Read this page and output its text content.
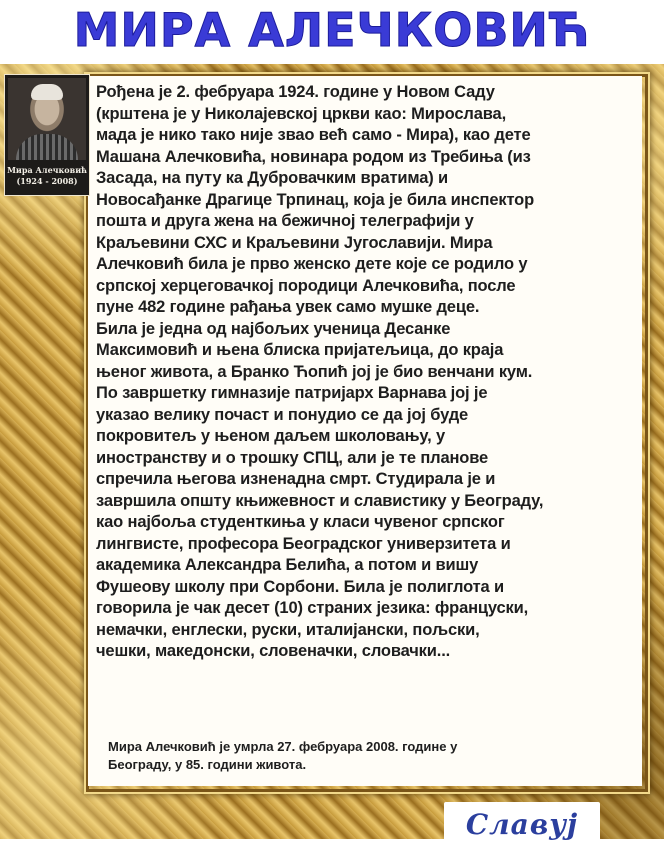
МИРА АЛЕЧКОВИЋ
Рођена је 2. фебруара 1924. године у Новом Саду
(крштена је у Николајевској цркви као: Мирослава,
мада је нико тако није звао већ само - Мира), као дете
Машана Алечковића, новинара родом из Требиња (из
Засада, на путу ка Дубровачким вратима) и
Новосађанке Драгице Трпинац, која је била инспектор
пошта и друга жена на бежичној телеграфији у
Краљевини СХС и Краљевини Југославији. Мира
Алечковић била је прво женско дете које се родило у
српској херцеговачкој породици Алечковића, после
пуне 482 године рађања увек само мушке деце.
Била је једна од најбољих ученица Десанке
Максимовић и њена блиска пријатељица, до краја
њеног живота, а Бранко Ћопић јој је био венчани кум.
По завршетку гимназије патријарх Варнава јој је
указао велику почаст и понудио се да јој буде
покровитељ у њеном даљем школовању, у
иностранству и о трошку СПЦ, али је те планове
спречила његова изненадна смрт. Студирала је и
завршила општу књижевност и славистику у Београду,
као најбоља студенткиња у класи чувеног српског
лингвисте, професора Београдског универзитета и
академика Александра Белића, а потом и вишу
Фушеову школу при Сорбони. Била је полиглота и
говорила је чак десет (10) страних језика: француски,
немачки, енглески, руски, италијански, пољски,
чешки, македонски, словеначки, словачки...
Мира Алечковић је умрла 27. фебруара 2008. године у
Београду, у 85. години живота.
Мира Алечковић
(1924 - 2008)
Славуј
